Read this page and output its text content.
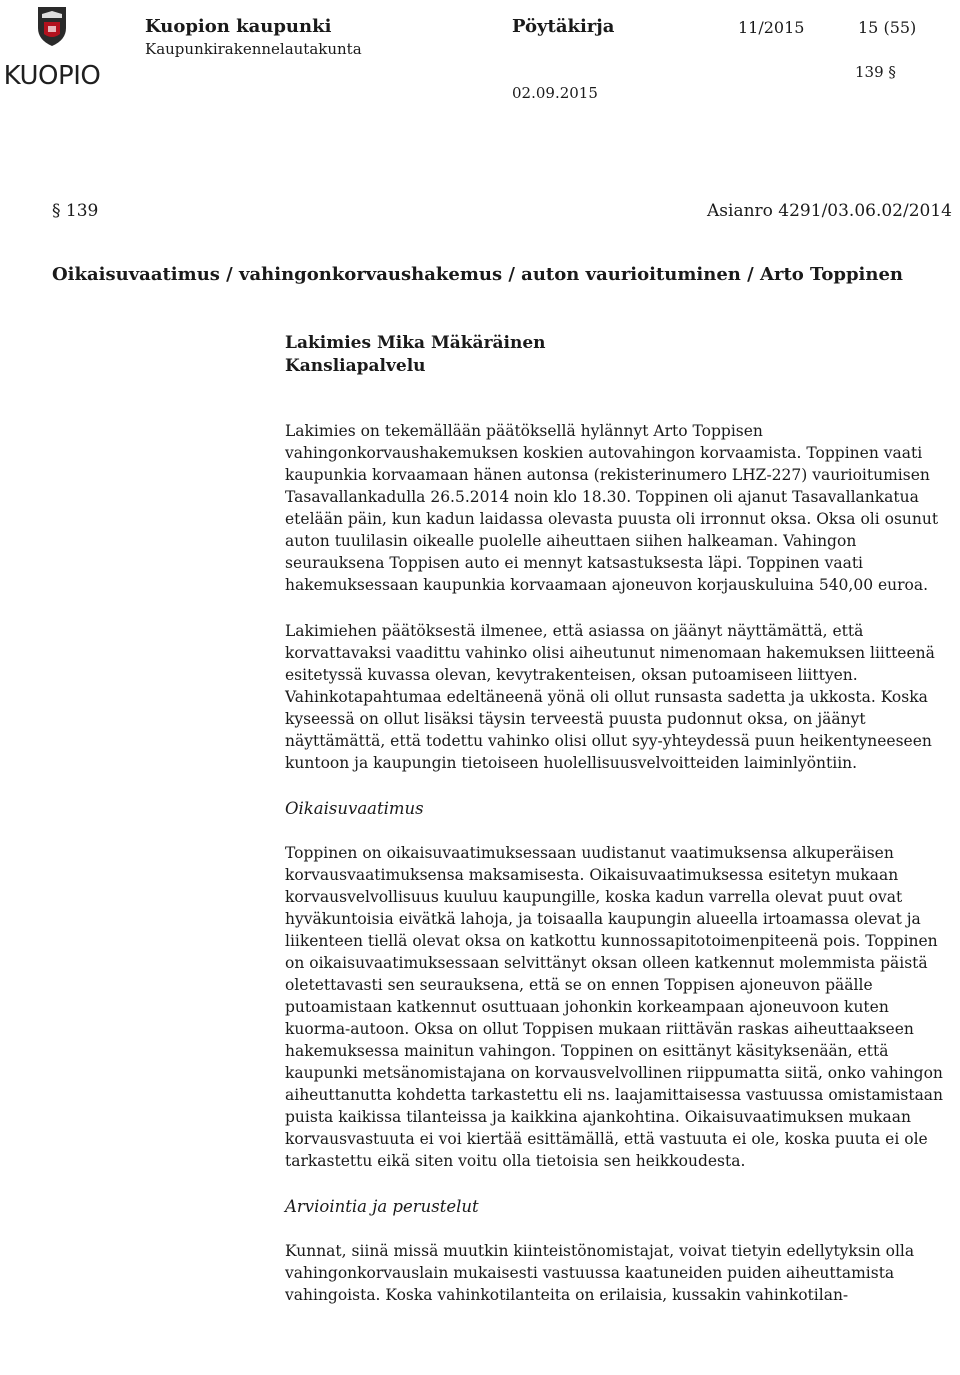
KUOPIO
Kuopion kaupunki
Kaupunkirakennelautakunta
Pöytäkirja	11/2015	15 (55)
139 §
02.09.2015
§ 139	Asianro 4291/03.06.02/2014
Oikaisuvaatimus / vahingonkorvaushakemus / auton vaurioituminen / Arto Toppinen
Lakimies Mika Mäkäräinen
Kansliapalvelu

Lakimies on tekemällään päätöksellä hylännyt Arto Toppisen vahingonkorvaushakemuksen koskien autovahingon korvaamista. Toppinen vaati kaupunkia korvaamaan hänen autonsa (rekisterinumero LHZ-227) vaurioitumisen Tasavallankadulla 26.5.2014 noin klo 18.30. Toppinen oli ajanut Tasavallankatua etelään päin, kun kadun laidassa olevasta puusta oli irronnut oksa. Oksa oli osunut auton tuulilasin oikealle puolelle aiheuttaen siihen halkeaman. Vahingon seurauksena Toppisen auto ei mennyt katsastuksesta läpi. Toppinen vaati hakemuksessaan kaupunkia korvaamaan ajoneuvon korjauskuluina 540,00 euroa.

Lakimiehen päätöksestä ilmenee, että asiassa on jäänyt näyttämättä, että korvattavaksi vaadittu vahinko olisi aiheutunut nimenomaan hakemuksen liitteenä esitetyssä kuvassa olevan, kevytrakenteisen, oksan putoamiseen liittyen. Vahinkotapahtumaa edeltäneenä yönä oli ollut runsasta sadetta ja ukkosta. Koska kyseessä on ollut lisäksi täysin terveestä puusta pudonnut oksa, on jäänyt näyttämättä, että todettu vahinko olisi ollut syy-yhteydessä puun heikentyneeseen kuntoon ja kaupungin tietoiseen huolellisuusvelvoitteiden laiminlyöntiin.

Oikaisuvaatimus

Toppinen on oikaisuvaatimuksessaan uudistanut vaatimuksensa alkuperäisen korvausvaatimuksensa maksamisesta. Oikaisuvaatimuksessa esitetyn mukaan korvausvelvollisuus kuuluu kaupungille, koska kadun varrella olevat puut ovat hyväkuntoisia eivätkä lahoja, ja toisaalla kaupungin alueella irtoamassa olevat ja liikenteen tiellä olevat oksa on katkottu kunnossapitotoimenpiteenä pois. Toppinen on oikaisuvaatimuksessaan selvittänyt oksan olleen katkennut molemmista päistä oletettavasti sen seurauksena, että se on ennen Toppisen ajoneuvon päälle putoamistaan katkennut osuttuaan johonkin korkeampaan ajoneuvoon kuten kuorma-autoon. Oksa on ollut Toppisen mukaan riittävän raskas aiheuttaakseen hakemuksessa mainitun vahingon. Toppinen on esittänyt käsityksenään, että kaupunki metsänomistajana on korvausvelvollinen riippumatta siitä, onko vahingon aiheuttanutta kohdetta tarkastettu eli ns. laajamittaisessa vastuussa omistamistaan puista kaikissa tilanteissa ja kaikkina ajankohtina. Oikaisuvaatimuksen mukaan korvausvastuuta ei voi kiertää esittämällä, että vastuuta ei ole, koska puuta ei ole tarkastettu eikä siten voitu olla tietoisia sen heikkoudesta.

Arviointia ja perustelut

Kunnat, siinä missä muutkin kiinteistönomistajat, voivat tietyin edellytyksin olla vahingonkorvauslain mukaisesti vastuussa kaatuneiden puiden aiheuttamista vahingoista. Koska vahinkotilanteita on erilaisia, kussakin vahinkotilan-
